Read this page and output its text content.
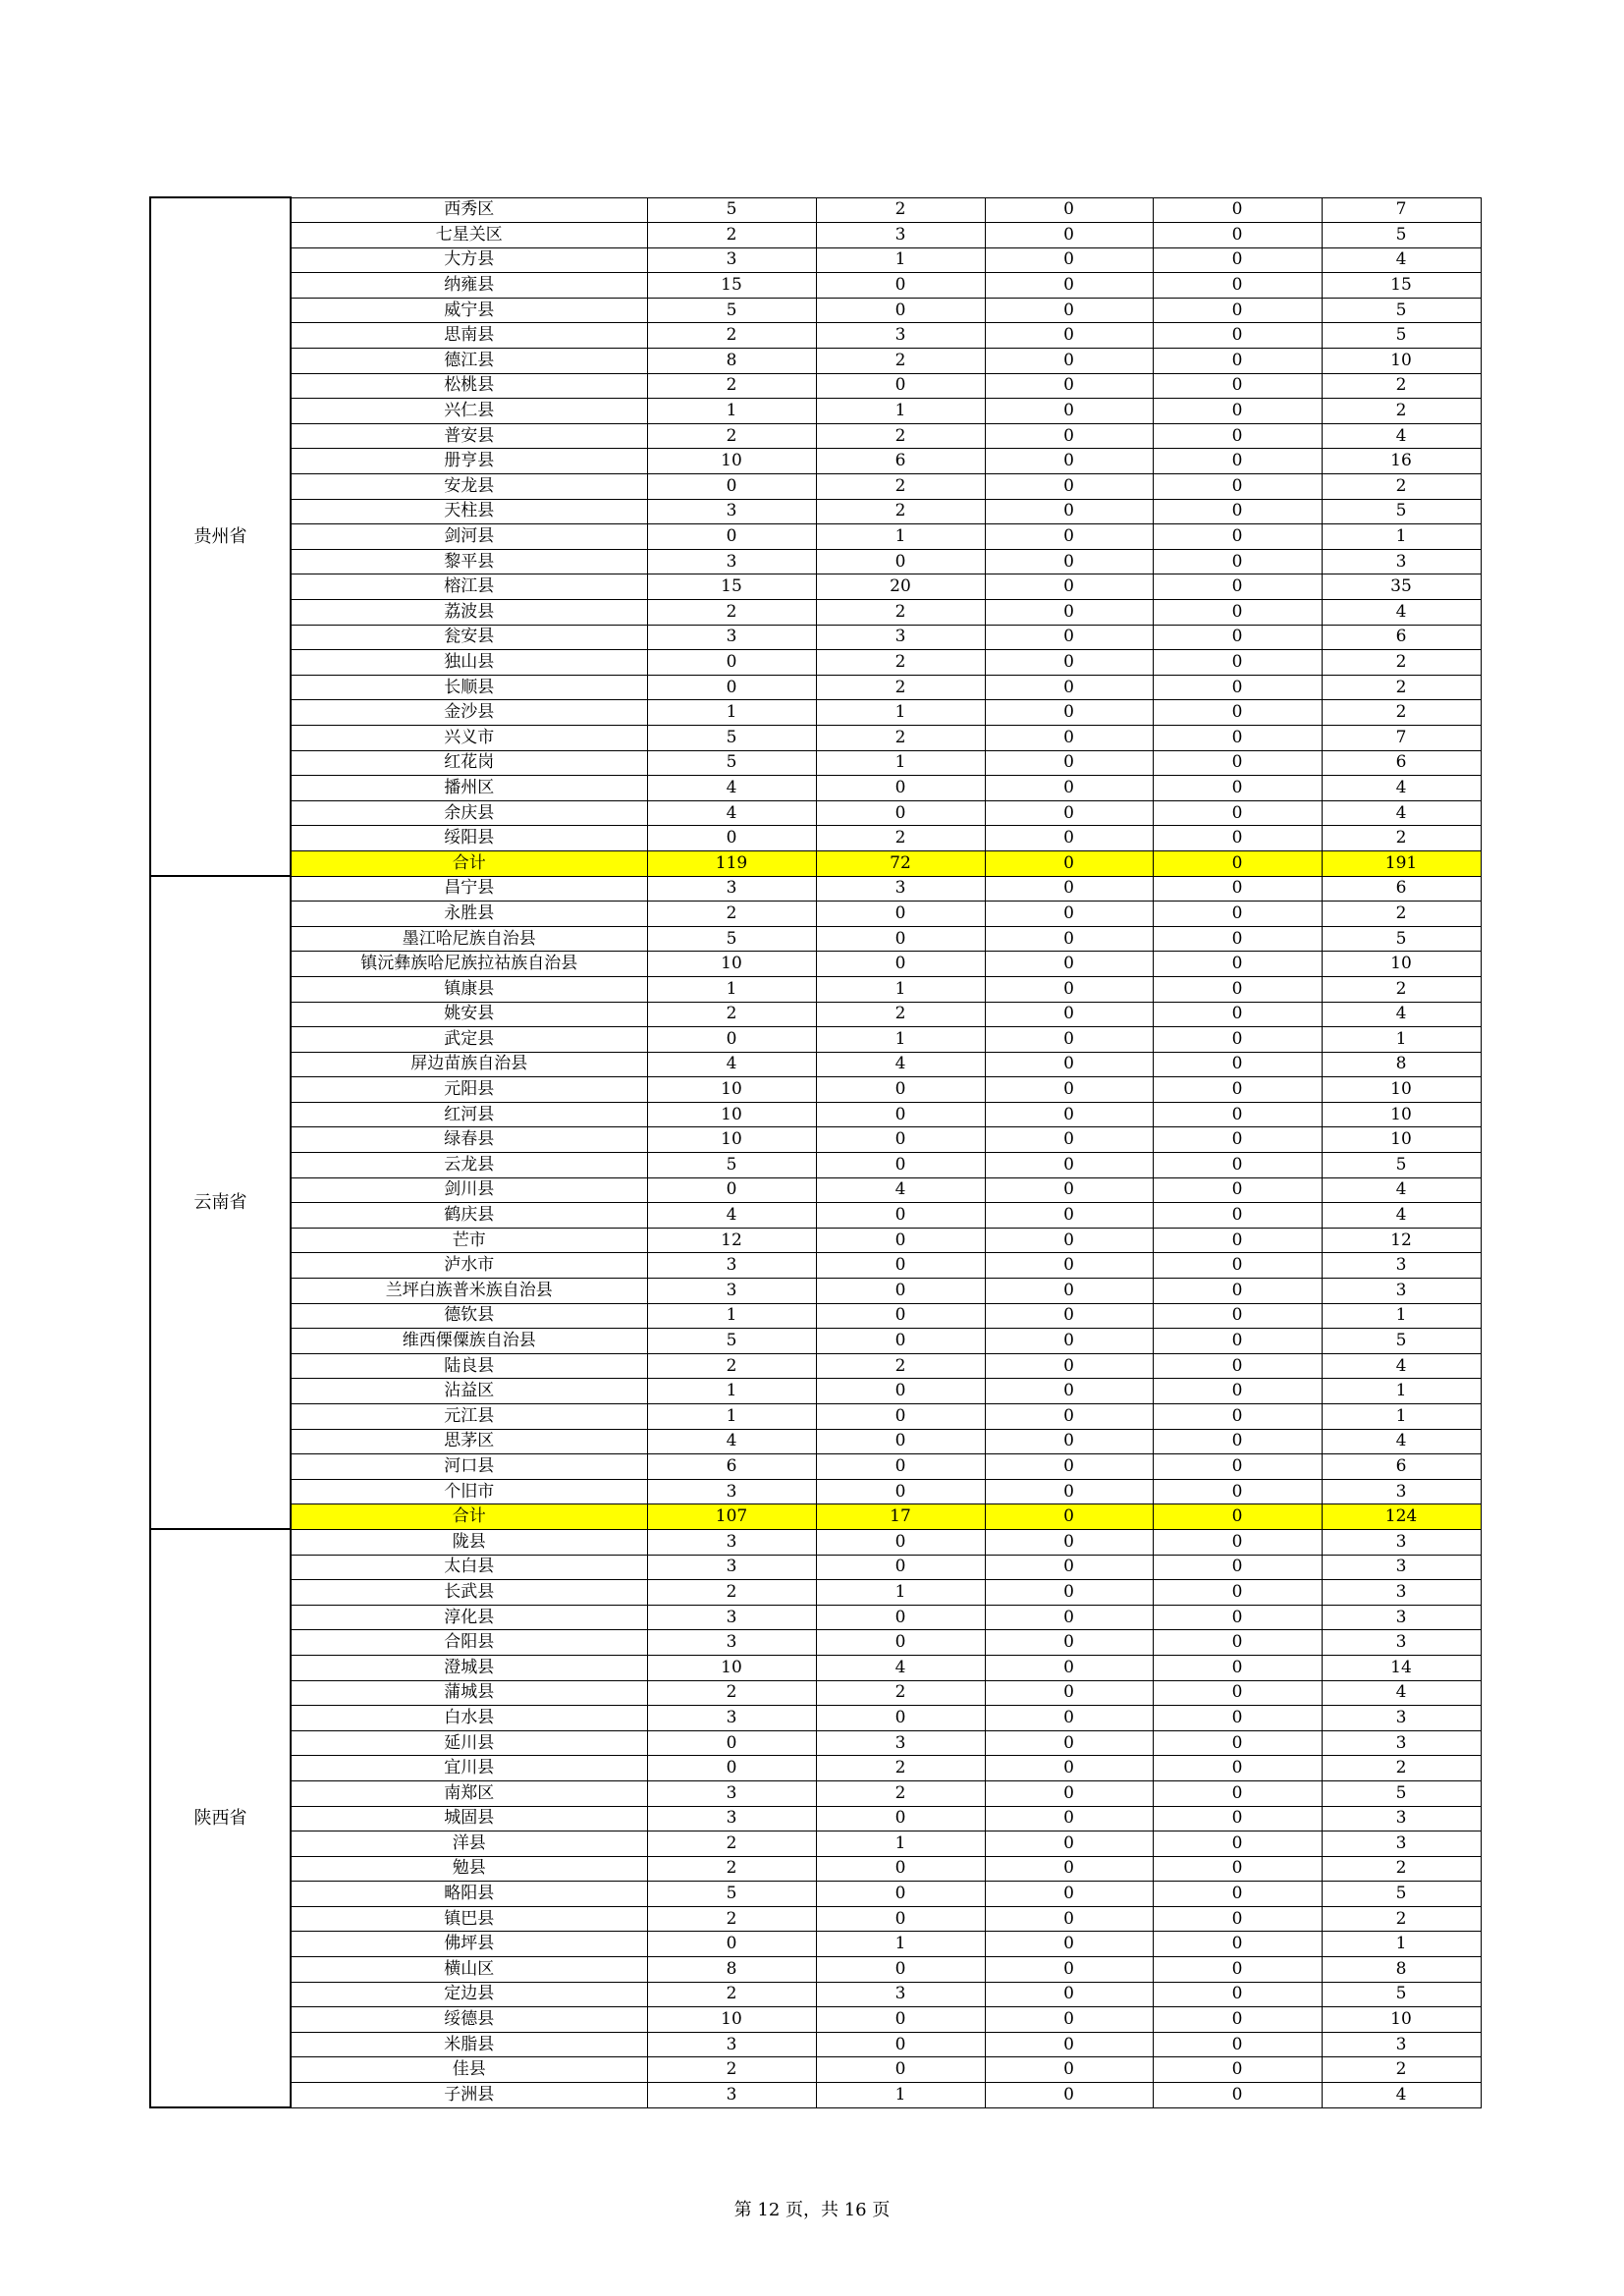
贵州省	西秀区	5	2	0	0	7
	七星关区	2	3	0	0	5
	大方县	3	1	0	0	4
	纳雍县	15	0	0	0	15
	威宁县	5	0	0	0	5
	思南县	2	3	0	0	5
	德江县	8	2	0	0	10
	松桃县	2	0	0	0	2
	兴仁县	1	1	0	0	2
	普安县	2	2	0	0	4
	册亨县	10	6	0	0	16
	安龙县	0	2	0	0	2
	天柱县	3	2	0	0	5
	剑河县	0	1	0	0	1
	黎平县	3	0	0	0	3
	榕江县	15	20	0	0	35
	荔波县	2	2	0	0	4
	瓮安县	3	3	0	0	6
	独山县	0	2	0	0	2
	长顺县	0	2	0	0	2
	金沙县	1	1	0	0	2
	兴义市	5	2	0	0	7
	红花岗	5	1	0	0	6
	播州区	4	0	0	0	4
	余庆县	4	0	0	0	4
	绥阳县	0	2	0	0	2
	合计	119	72	0	0	191
云南省	昌宁县	3	3	0	0	6
	永胜县	2	0	0	0	2
	墨江哈尼族自治县	5	0	0	0	5
	镇沅彝族哈尼族拉祜族自治县	10	0	0	0	10
	镇康县	1	1	0	0	2
	姚安县	2	2	0	0	4
	武定县	0	1	0	0	1
	屏边苗族自治县	4	4	0	0	8
	元阳县	10	0	0	0	10
	红河县	10	0	0	0	10
	绿春县	10	0	0	0	10
	云龙县	5	0	0	0	5
	剑川县	0	4	0	0	4
	鹤庆县	4	0	0	0	4
	芒市	12	0	0	0	12
	泸水市	3	0	0	0	3
	兰坪白族普米族自治县	3	0	0	0	3
	德钦县	1	0	0	0	1
	维西傈僳族自治县	5	0	0	0	5
	陆良县	2	2	0	0	4
	沾益区	1	0	0	0	1
	元江县	1	0	0	0	1
	思茅区	4	0	0	0	4
	河口县	6	0	0	0	6
	个旧市	3	0	0	0	3
	合计	107	17	0	0	124
陕西省	陇县	3	0	0	0	3
	太白县	3	0	0	0	3
	长武县	2	1	0	0	3
	淳化县	3	0	0	0	3
	合阳县	3	0	0	0	3
	澄城县	10	4	0	0	14
	蒲城县	2	2	0	0	4
	白水县	3	0	0	0	3
	延川县	0	3	0	0	3
	宜川县	0	2	0	0	2
	南郑区	3	2	0	0	5
	城固县	3	0	0	0	3
	洋县	2	1	0	0	3
	勉县	2	0	0	0	2
	略阳县	5	0	0	0	5
	镇巴县	2	0	0	0	2
	佛坪县	0	1	0	0	1
	横山区	8	0	0	0	8
	定边县	2	3	0	0	5
	绥德县	10	0	0	0	10
	米脂县	3	0	0	0	3
	佳县	2	0	0	0	2
	子洲县	3	1	0	0	4
第 12 页，共 16 页
